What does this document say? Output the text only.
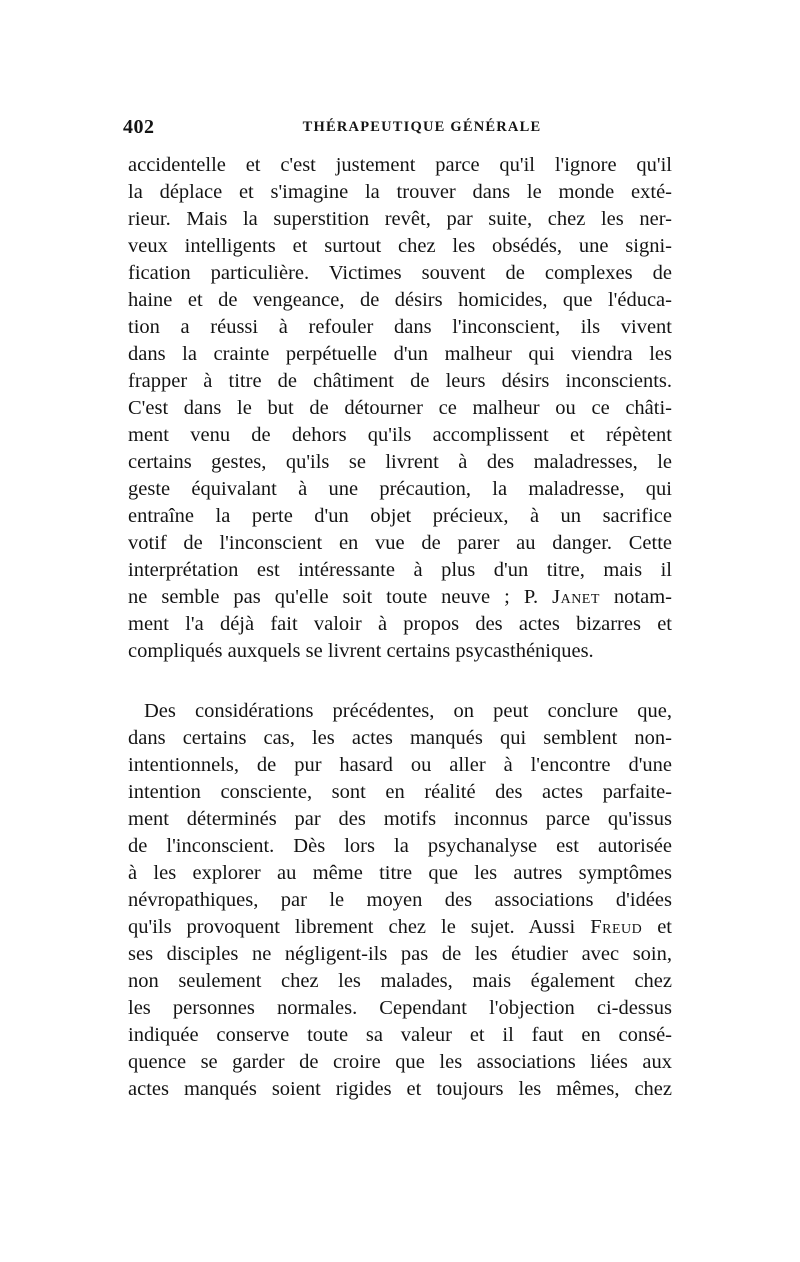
402	THÉRAPEUTIQUE GÉNÉRALE
accidentelle et c'est justement parce qu'il l'ignore qu'il
la déplace et s'imagine la trouver dans le monde exté-
rieur. Mais la superstition revêt, par suite, chez les ner-
veux intelligents et surtout chez les obsédés, une signi-
fication particulière. Victimes souvent de complexes de
haine et de vengeance, de désirs homicides, que l'éduca-
tion a réussi à refouler dans l'inconscient, ils vivent
dans la crainte perpétuelle d'un malheur qui viendra les
frapper à titre de châtiment de leurs désirs inconscients.
C'est dans le but de détourner ce malheur ou ce châti-
ment venu de dehors qu'ils accomplissent et répètent
certains gestes, qu'ils se livrent à des maladresses, le
geste équivalant à une précaution, la maladresse, qui
entraîne la perte d'un objet précieux, à un sacrifice
votif de l'inconscient en vue de parer au danger. Cette
interprétation est intéressante à plus d'un titre, mais il
ne semble pas qu'elle soit toute neuve ; P. Janet notam-
ment l'a déjà fait valoir à propos des actes bizarres et
compliqués auxquels se livrent certains psycasthéniques.
Des considérations précédentes, on peut conclure que,
dans certains cas, les actes manqués qui semblent non-
intentionnels, de pur hasard ou aller à l'encontre d'une
intention consciente, sont en réalité des actes parfaite-
ment déterminés par des motifs inconnus parce qu'issus
de l'inconscient. Dès lors la psychanalyse est autorisée
à les explorer au même titre que les autres symptômes
névropathiques, par le moyen des associations d'idées
qu'ils provoquent librement chez le sujet. Aussi Freud et
ses disciples ne négligent-ils pas de les étudier avec soin,
non seulement chez les malades, mais également chez
les personnes normales. Cependant l'objection ci-dessus
indiquée conserve toute sa valeur et il faut en consé-
quence se garder de croire que les associations liées aux
actes manqués soient rigides et toujours les mêmes, chez
